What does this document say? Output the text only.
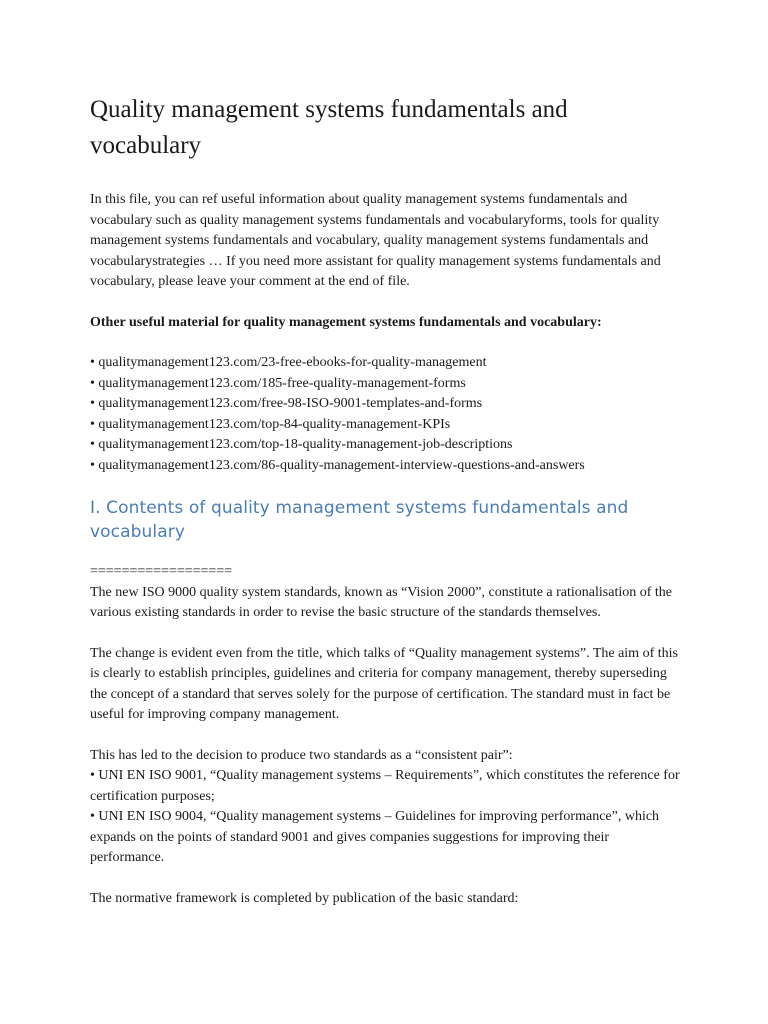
Quality management systems fundamentals and vocabulary

In this file, you can ref useful information about quality management systems fundamentals and vocabulary such as quality management systems fundamentals and vocabularyforms, tools for quality management systems fundamentals and vocabulary, quality management systems fundamentals and vocabularystrategies … If you need more assistant for quality management systems fundamentals and vocabulary, please leave your comment at the end of file.

Other useful material for quality management systems fundamentals and vocabulary:

• qualitymanagement123.com/23-free-ebooks-for-quality-management
• qualitymanagement123.com/185-free-quality-management-forms
• qualitymanagement123.com/free-98-ISO-9001-templates-and-forms
• qualitymanagement123.com/top-84-quality-management-KPIs
• qualitymanagement123.com/top-18-quality-management-job-descriptions
• qualitymanagement123.com/86-quality-management-interview-questions-and-answers
I. Contents of quality management systems fundamentals and vocabulary
==================

The new ISO 9000 quality system standards, known as “Vision 2000”, constitute a rationalisation of the various existing standards in order to revise the basic structure of the standards themselves.

The change is evident even from the title, which talks of “Quality management systems”. The aim of this is clearly to establish principles, guidelines and criteria for company management, thereby superseding the concept of a standard that serves solely for the purpose of certification. The standard must in fact be useful for improving company management.

This has led to the decision to produce two standards as a “consistent pair”:
• UNI EN ISO 9001, “Quality management systems – Requirements”, which constitutes the reference for certification purposes;
• UNI EN ISO 9004, “Quality management systems – Guidelines for improving performance”, which expands on the points of standard 9001 and gives companies suggestions for improving their performance.

The normative framework is completed by publication of the basic standard:
